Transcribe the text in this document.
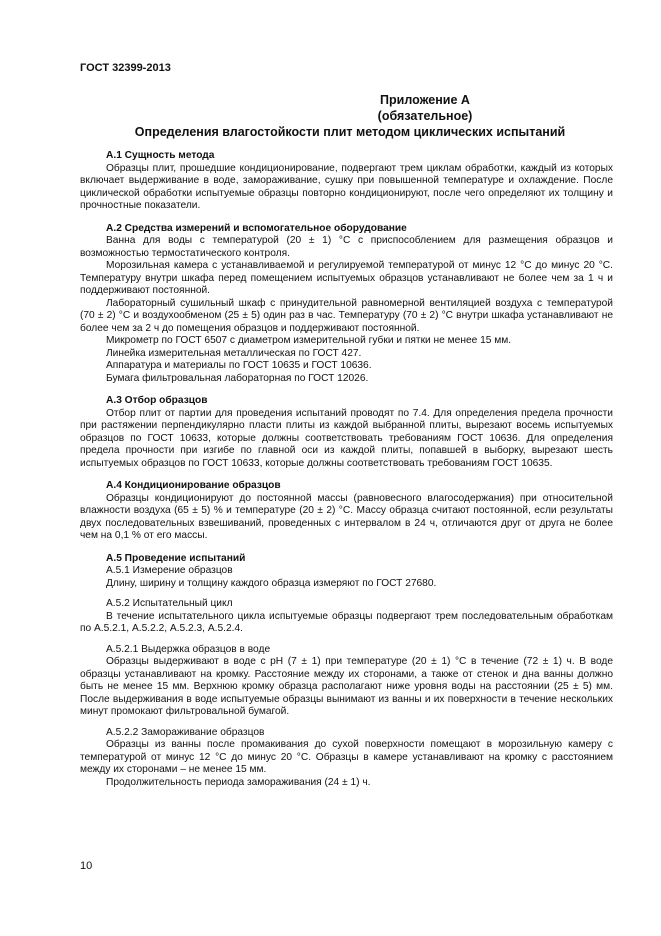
ГОСТ 32399-2013
Приложение А
(обязательное)
Определения влагостойкости плит методом циклических испытаний
А.1 Сущность метода

Образцы плит, прошедшие кондиционирование, подвергают трем циклам обработки, каждый из которых включает выдерживание в воде, замораживание, сушку при повышенной температуре и охлаждение. После циклической обработки испытуемые образцы повторно кондиционируют, после чего определяют их толщину и прочностные показатели.

А.2 Средства измерений и вспомогательное оборудование

Ванна для воды с температурой (20 ± 1) °С с приспособлением для размещения образцов и возможностью термостатического контроля.

Морозильная камера с устанавливаемой и регулируемой температурой от минус 12 °С до минус 20 °С. Температуру внутри шкафа перед помещением испытуемых образцов устанавливают не более чем за 1 ч и поддерживают постоянной.

Лабораторный сушильный шкаф с принудительной равномерной вентиляцией воздуха с температурой (70 ± 2) °С и воздухообменом (25 ± 5) один раз в час. Температуру (70 ± 2) °С внутри шкафа устанавливают не более чем за 2 ч до помещения образцов и поддерживают постоянной.

Микрометр по ГОСТ 6507 с диаметром измерительной губки и пятки не менее 15 мм.

Линейка измерительная металлическая по ГОСТ 427.

Аппаратура и материалы по ГОСТ 10635 и ГОСТ 10636.

Бумага фильтровальная лабораторная по ГОСТ 12026.

А.3 Отбор образцов

Отбор плит от партии для проведения испытаний проводят по 7.4. Для определения предела прочности при растяжении перпендикулярно пласти плиты из каждой выбранной плиты, вырезают восемь испытуемых образцов по ГОСТ 10633, которые должны соответствовать требованиям ГОСТ 10636. Для определения предела прочности при изгибе по главной оси из каждой плиты, попавшей в выборку, вырезают шесть испытуемых образцов по ГОСТ 10633, которые должны соответствовать требованиям ГОСТ 10635.

А.4 Кондиционирование образцов

Образцы кондиционируют до постоянной массы (равновесного влагосодержания) при относительной влажности воздуха (65 ± 5) % и температуре (20 ± 2) °С. Массу образца считают постоянной, если результаты двух последовательных взвешиваний, проведенных с интервалом в 24 ч, отличаются друг от друга не более чем на 0,1 % от его массы.

А.5 Проведение испытаний
А.5.1 Измерение образцов

Длину, ширину и толщину каждого образца измеряют по ГОСТ 27680.

А.5.2 Испытательный цикл

В течение испытательного цикла испытуемые образцы подвергают трем последовательным обработкам по А.5.2.1, А.5.2.2, А.5.2.3, А.5.2.4.

А.5.2.1 Выдержка образцов в воде

Образцы выдерживают в воде с pH (7 ± 1) при температуре (20 ± 1) °С в течение (72 ± 1) ч. В воде образцы устанавливают на кромку. Расстояние между их сторонами, а также от стенок и дна ванны должно быть не менее 15 мм. Верхнюю кромку образца располагают ниже уровня воды на расстоянии (25 ± 5) мм. После выдерживания в воде испытуемые образцы вынимают из ванны и их поверхности в течение нескольких минут промокают фильтровальной бумагой.

А.5.2.2 Замораживание образцов

Образцы из ванны после промакивания до сухой поверхности помещают в морозильную камеру с температурой от минус 12 °С до минус 20 °С. Образцы в камере устанавливают на кромку с расстоянием между их сторонами – не менее 15 мм.

Продолжительность периода замораживания (24 ± 1) ч.

10
